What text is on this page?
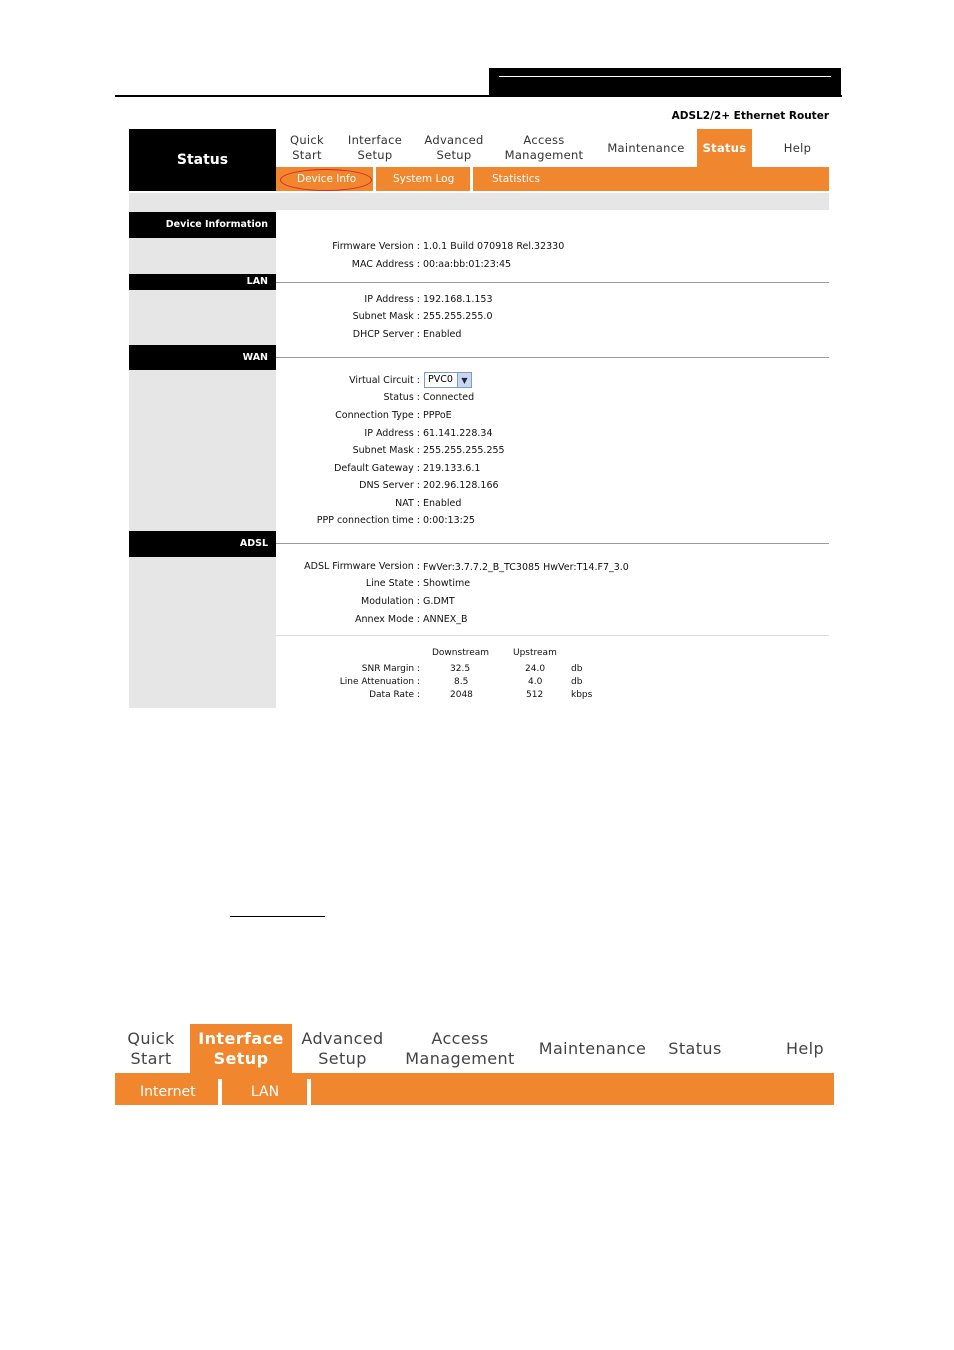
ADSL2/2+ Ethernet Router
Status
Quick
Start
Interface
Setup
Advanced
Setup
Access
Management
Maintenance Status	Help
Device Info	System Log	Statistics
Device Information
Firmware Version : 1.0.1 Build 070918 Rel.32330
MAC Address : 00:aa:bb:01:23:45
LAN
IP Address : 192.168.1.153
Subnet Mask : 255.255.255.0
DHCP Server : Enabled
WAN
Virtual Circuit : PVC0	▼
Status : Connected
Connection Type : PPPoE
IP Address : 61.141.228.34
Subnet Mask : 255.255.255.255
Default Gateway : 219.133.6.1
DNS Server : 202.96.128.166
NAT : Enabled
PPP connection time : 0:00:13:25
ADSL
ADSL Firmware Version : FwVer:3.7.7.2_B_TC3085 HwVer:T14.F7_3.0
Line State : Showtime
Modulation : G.DMT
Annex Mode : ANNEX_B
Downstream	Upstream
SNR Margin :	32.5	24.0	db
Line Attenuation :	8.5	4.0	db
Data Rate :	2048	512	kbps
Quick
Start
Interface
Setup
Advanced
Setup
Access
Management
Maintenance Status	Help
Internet	LAN
